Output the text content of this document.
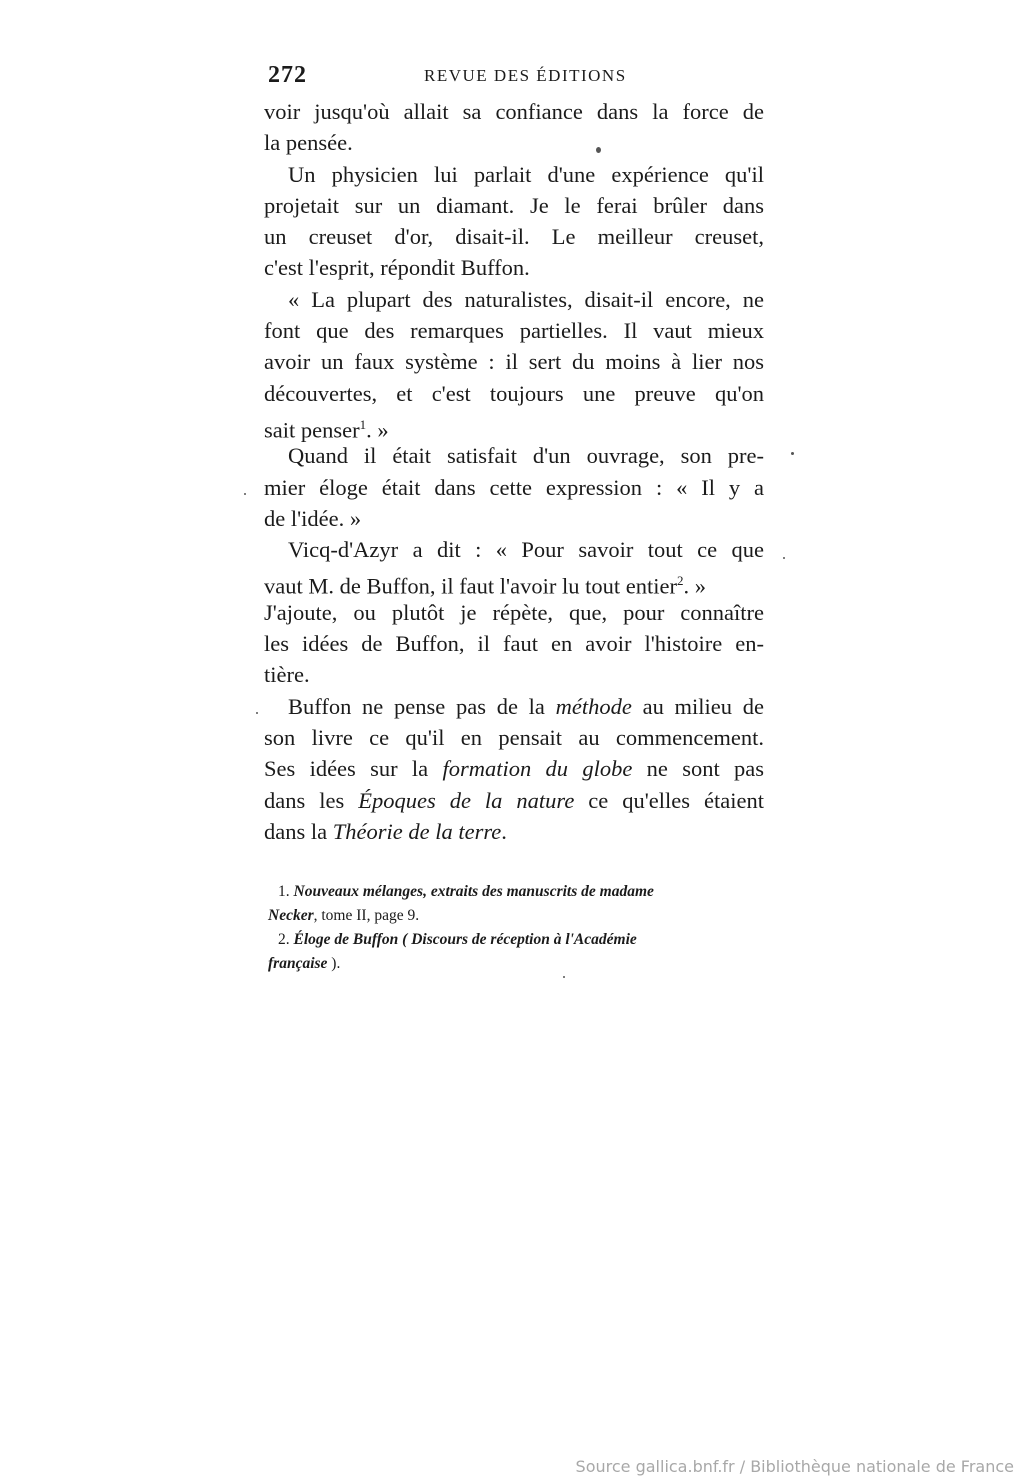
272	REVUE DES ÉDITIONS
voir jusqu'où allait sa confiance dans la force de
la pensée.
Un physicien lui parlait d'une expérience qu'il
projetait sur un diamant. Je le ferai brûler dans
un creuset d'or, disait-il. Le meilleur creuset,
c'est l'esprit, répondit Buffon.
« La plupart des naturalistes, disait-il encore, ne
font que des remarques partielles. Il vaut mieux
avoir un faux système : il sert du moins à lier nos
découvertes, et c'est toujours une preuve qu'on
sait penser$^1$. »
Quand il était satisfait d'un ouvrage, son pre-
mier éloge était dans cette expression : « Il y a
de l'idée. »
Vicq-d'Azyr a dit : « Pour savoir tout ce que
vaut M. de Buffon, il faut l'avoir lu tout entier$^2$. »
J'ajoute, ou plutôt je répète, que, pour connaître
les idées de Buffon, il faut en avoir l'histoire en-
tière.
Buffon ne pense pas de la méthode au milieu de
son livre ce qu'il en pensait au commencement.
Ses idées sur la formation du globe ne sont pas
dans les Époques de la nature ce qu'elles étaient
dans la Théorie de la terre.
1. Nouveaux mélanges, extraits des manuscrits de madame
Necker, tome II, page 9.
2. Éloge de Buffon ( Discours de réception à l'Académie
française ).
Source gallica.bnf.fr / Bibliothèque nationale de France
